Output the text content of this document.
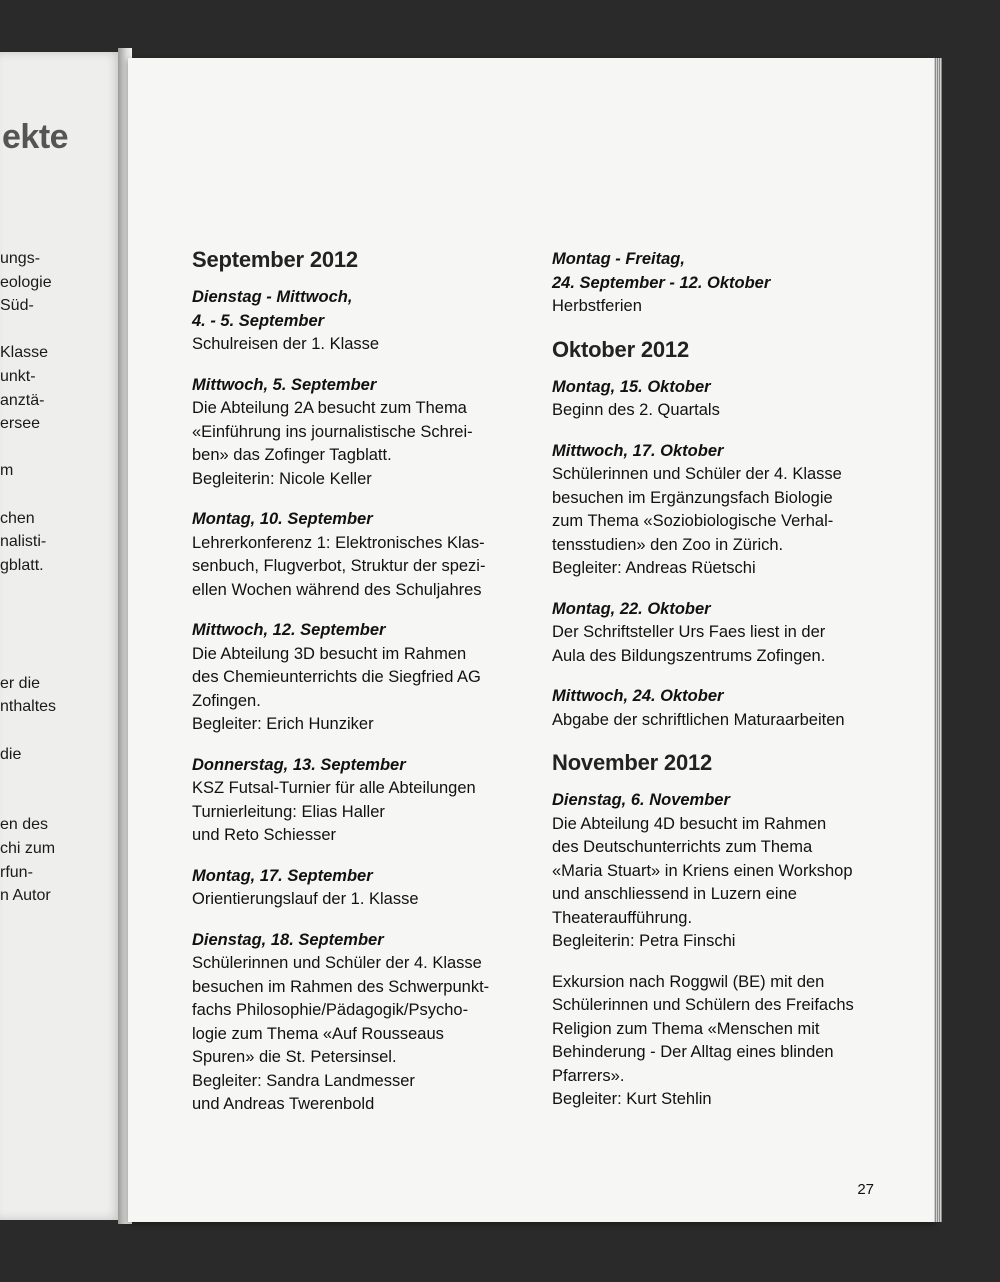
ekte
ungs-
eologie
Süd-
Klasse
unkt-
anztä-
ersee
m
chen
nalisti-
gblatt.
er die
nthaltes
die
en des
chi zum
rfun-
n Autor
September 2012
Dienstag - Mittwoch,
4. - 5. September
Schulreisen der 1. Klasse
Mittwoch, 5. September
Die Abteilung 2A besucht zum Thema
«Einführung ins journalistische Schrei-
ben» das Zofinger Tagblatt.
Begleiterin: Nicole Keller
Montag, 10. September
Lehrerkonferenz 1: Elektronisches Klas-
senbuch, Flugverbot, Struktur der spezi-
ellen Wochen während des Schuljahres
Mittwoch, 12. September
Die Abteilung 3D besucht im Rahmen
des Chemieunterrichts die Siegfried AG
Zofingen.
Begleiter: Erich Hunziker
Donnerstag, 13. September
KSZ Futsal-Turnier für alle Abteilungen
Turnierleitung: Elias Haller
und Reto Schiesser
Montag, 17. September
Orientierungslauf der 1. Klasse
Dienstag, 18. September
Schülerinnen und Schüler der 4. Klasse
besuchen im Rahmen des Schwerpunkt-
fachs Philosophie/Pädagogik/Psycho-
logie zum Thema «Auf Rousseaus
Spuren» die St. Petersinsel.
Begleiter: Sandra Landmesser
und Andreas Twerenbold
Montag - Freitag,
24. September - 12. Oktober
Herbstferien
Oktober 2012
Montag, 15. Oktober
Beginn des 2. Quartals
Mittwoch, 17. Oktober
Schülerinnen und Schüler der 4. Klasse
besuchen im Ergänzungsfach Biologie
zum Thema «Soziobiologische Verhal-
tensstudien» den Zoo in Zürich.
Begleiter: Andreas Rüetschi
Montag, 22. Oktober
Der Schriftsteller Urs Faes liest in der
Aula des Bildungszentrums Zofingen.
Mittwoch, 24. Oktober
Abgabe der schriftlichen Maturaarbeiten
November 2012
Dienstag, 6. November
Die Abteilung 4D besucht im Rahmen
des Deutschunterrichts zum Thema
«Maria Stuart» in Kriens einen Workshop
und anschliessend in Luzern eine
Theateraufführung.
Begleiterin: Petra Finschi
Exkursion nach Roggwil (BE) mit den
Schülerinnen und Schülern des Freifachs
Religion zum Thema «Menschen mit
Behinderung - Der Alltag eines blinden
Pfarrers».
Begleiter: Kurt Stehlin
27
